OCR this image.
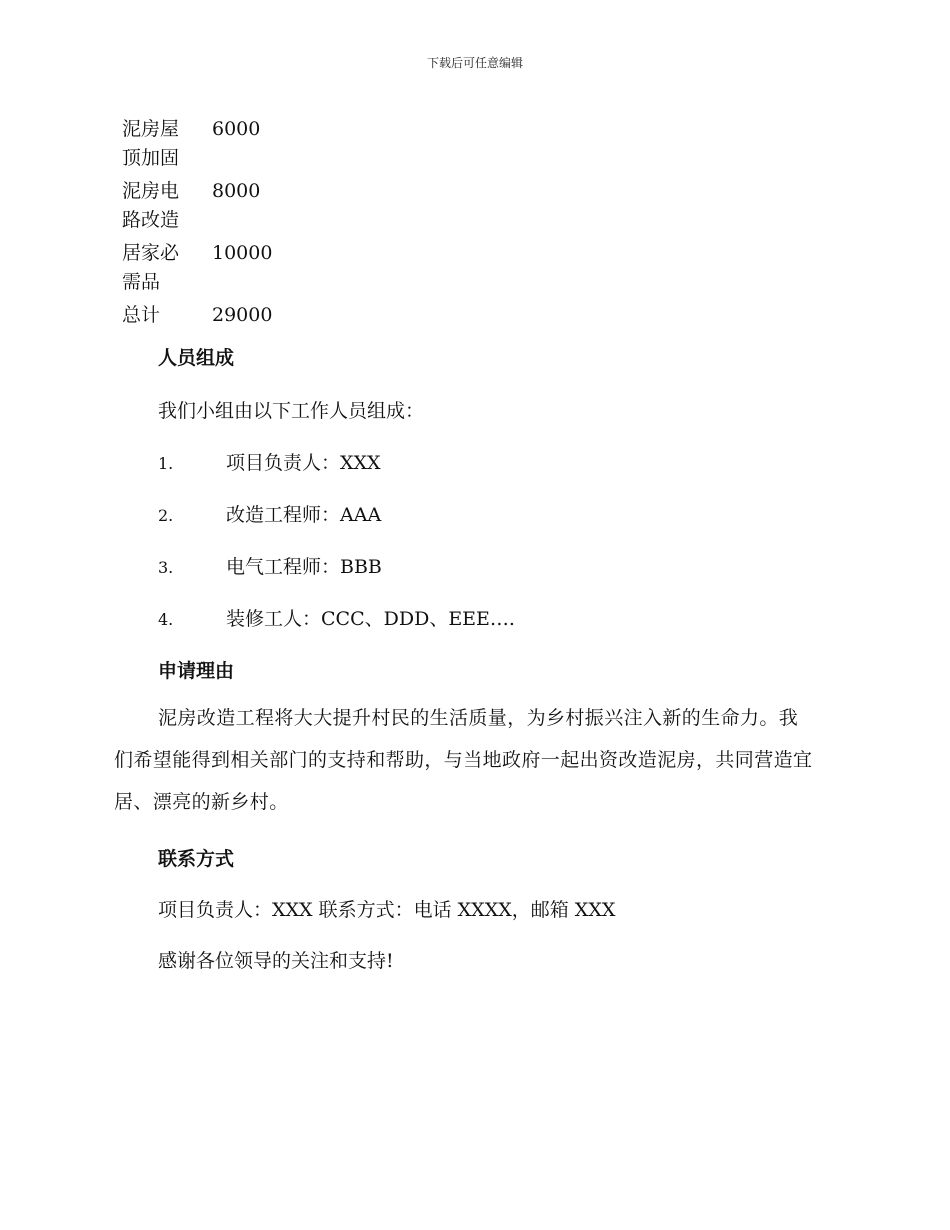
下载后可任意编辑
泥房屋
顶加固	6000
泥房电
路改造	8000
居家必
需品	10000
总计	29000
人员组成
我们小组由以下工作人员组成：
1.	项目负责人：XXX
2.	改造工程师：AAA
3.	电气工程师：BBB
4.	装修工人：CCC、DDD、EEE….
申请理由
泥房改造工程将大大提升村民的生活质量，为乡村振兴注入新的生命力。我们希望能得到相关部门的支持和帮助，与当地政府一起出资改造泥房，共同营造宜居、漂亮的新乡村。
联系方式
项目负责人：XXX 联系方式：电话 XXXX，邮箱 XXX
感谢各位领导的关注和支持!
